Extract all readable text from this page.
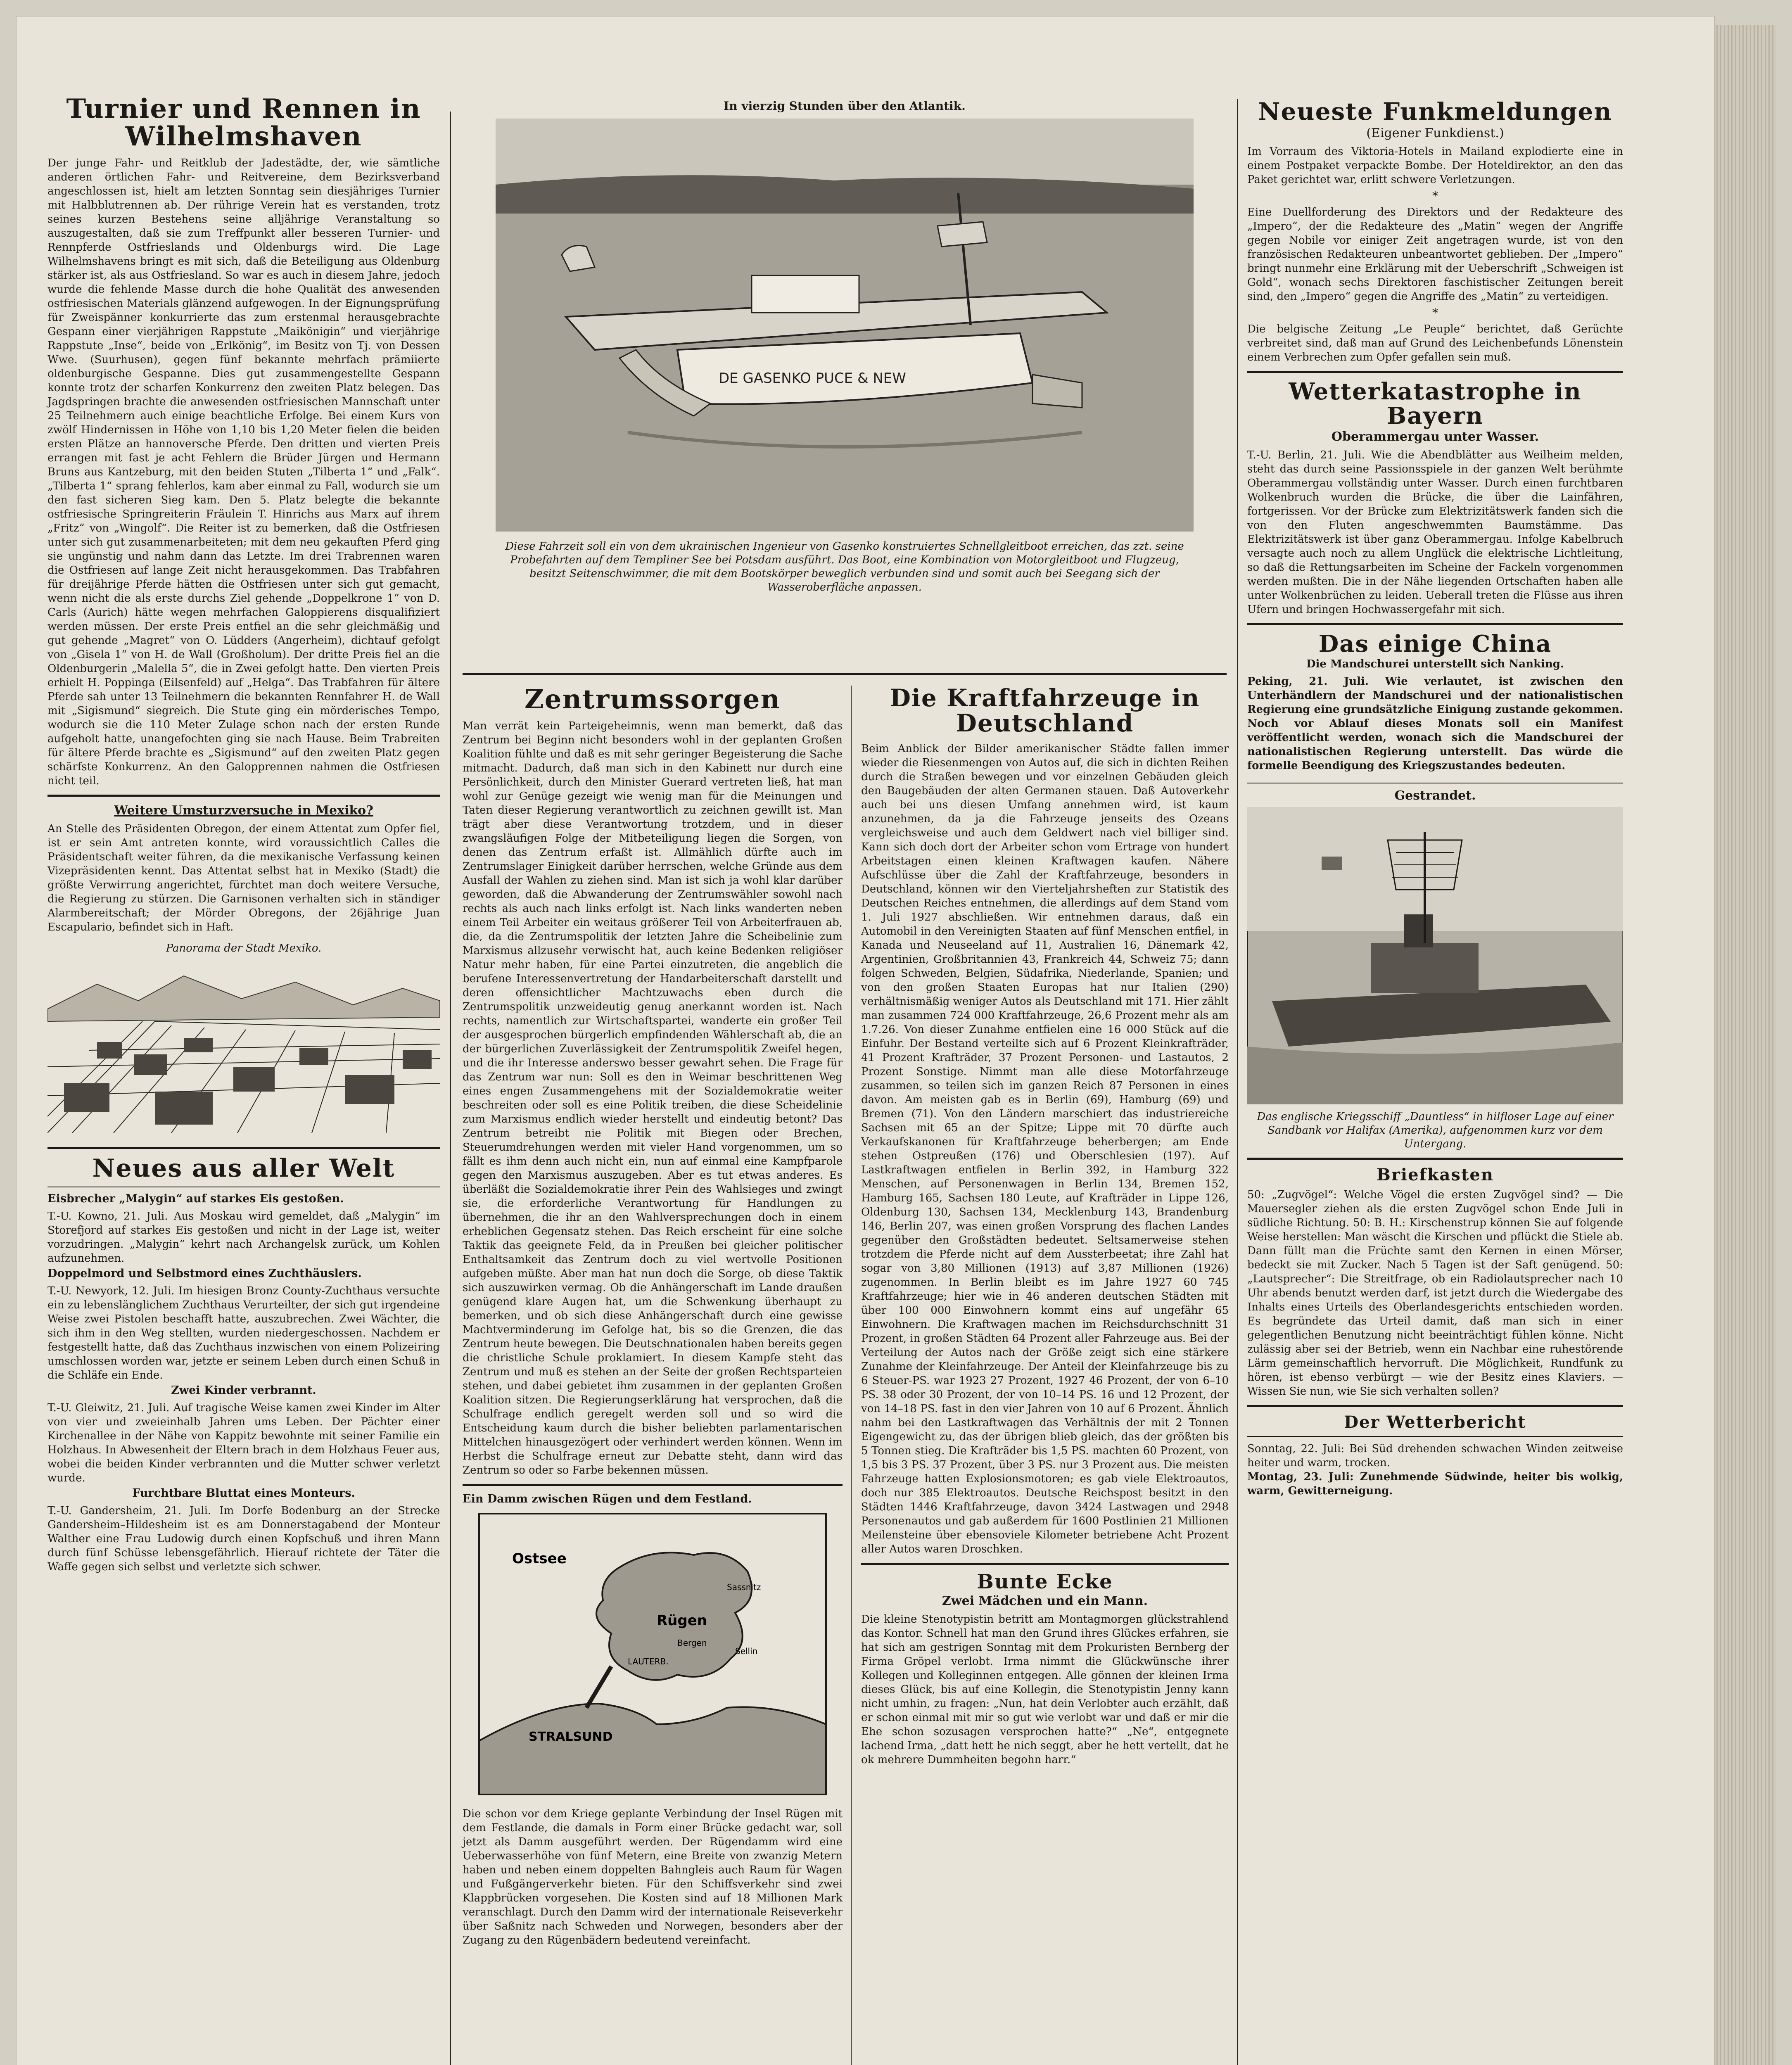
Turnier und Rennen in Wilhelmshaven
Der junge Fahr- und Reitklub der Jadestädte, der, wie sämtliche anderen örtlichen Fahr- und Reitvereine, dem Bezirksverband angeschlossen ist, hielt am letzten Sonntag sein diesjähriges Turnier mit Halbblutrennen ab. Der rührige Verein hat es verstanden, trotz seines kurzen Bestehens seine alljährige Veranstaltung so auszugestalten, daß sie zum Treffpunkt aller besseren Turnier- und Rennpferde Ostfrieslands und Oldenburgs wird. Die Lage Wilhelmshavens bringt es mit sich, daß die Beteiligung aus Oldenburg stärker ist, als aus Ostfriesland. So war es auch in diesem Jahre, jedoch wurde die fehlende Masse durch die hohe Qualität des anwesenden ostfriesischen Materials glänzend aufgewogen. In der Eignungsprüfung für Zweispänner konkurrierte das zum erstenmal herausgebrachte Gespann einer vierjährigen Rappstute „Maikönigin“ und vierjährige Rappstute „Inse“, beide von „Erlkönig“, im Besitz von Tj. von Dessen Wwe. (Suurhusen), gegen fünf bekannte mehrfach prämiierte oldenburgische Gespanne. Dies gut zusammengestellte Gespann konnte trotz der scharfen Konkurrenz den zweiten Platz belegen. Das Jagdspringen brachte die anwesenden ostfriesischen Mannschaft unter 25 Teilnehmern auch einige beachtliche Erfolge. Bei einem Kurs von zwölf Hindernissen in Höhe von 1,10 bis 1,20 Meter fielen die beiden ersten Plätze an hannoversche Pferde. Den dritten und vierten Preis errangen mit fast je acht Fehlern die Brüder Jürgen und Hermann Bruns aus Kantzeburg, mit den beiden Stuten „Tilberta 1“ und „Falk“. „Tilberta 1“ sprang fehlerlos, kam aber einmal zu Fall, wodurch sie um den fast sicheren Sieg kam. Den 5. Platz belegte die bekannte ostfriesische Springreiterin Fräulein T. Hinrichs aus Marx auf ihrem „Fritz“ von „Wingolf“. Die Reiter ist zu bemerken, daß die Ostfriesen unter sich gut zusammenarbeiteten; mit dem neu gekauften Pferd ging sie ungünstig und nahm dann das Letzte. Im drei Trabrennen waren die Ostfriesen auf lange Zeit nicht herausgekommen. Das Trabfahren für dreijährige Pferde hätten die Ostfriesen unter sich gut gemacht, wenn nicht die als erste durchs Ziel gehende „Doppelkrone 1“ von D. Carls (Aurich) hätte wegen mehrfachen Galoppierens disqualifiziert werden müssen. Der erste Preis entfiel an die sehr gleichmäßig und gut gehende „Magret“ von O. Lüdders (Angerheim), dichtauf gefolgt von „Gisela 1“ von H. de Wall (Großholum). Der dritte Preis fiel an die Oldenburgerin „Malella 5“, die in Zwei gefolgt hatte. Den vierten Preis erhielt H. Poppinga (Eilsenfeld) auf „Helga“. Das Trabfahren für ältere Pferde sah unter 13 Teilnehmern die bekannten Rennfahrer H. de Wall mit „Sigismund“ siegreich. Die Stute ging ein mörderisches Tempo, wodurch sie die 110 Meter Zulage schon nach der ersten Runde aufgeholt hatte, unangefochten ging sie nach Hause. Beim Trabreiten für ältere Pferde brachte es „Sigismund“ auf den zweiten Platz gegen schärfste Konkurrenz. An den Galopprennen nahmen die Ostfriesen nicht teil.
Weitere Umsturzversuche in Mexiko?
An Stelle des Präsidenten Obregon, der einem Attentat zum Opfer fiel, ist er sein Amt antreten konnte, wird voraussichtlich Calles die Präsidentschaft weiter führen, da die mexikanische Verfassung keinen Vizepräsidenten kennt. Das Attentat selbst hat in Mexiko (Stadt) die größte Verwirrung angerichtet, fürchtet man doch weitere Versuche, die Regierung zu stürzen. Die Garnisonen verhalten sich in ständiger Alarmbereitschaft; der Mörder Obregons, der 26jährige Juan Escapulario, befindet sich in Haft.
Panorama der Stadt Mexiko.
Neues aus aller Welt
Eisbrecher „Malygin“ auf starkes Eis gestoßen.
T.-U. Kowno, 21. Juli. Aus Moskau wird gemeldet, daß „Malygin“ im Storefjord auf starkes Eis gestoßen und nicht in der Lage ist, weiter vorzudringen. „Malygin“ kehrt nach Archangelsk zurück, um Kohlen aufzunehmen.
Doppelmord und Selbstmord eines Zuchthäuslers.
T.-U. Newyork, 12. Juli. Im hiesigen Bronz County-Zuchthaus versuchte ein zu lebenslänglichem Zuchthaus Verurteilter, der sich gut irgendeine Weise zwei Pistolen beschafft hatte, auszubrechen. Zwei Wächter, die sich ihm in den Weg stellten, wurden niedergeschossen. Nachdem er festgestellt hatte, daß das Zuchthaus inzwischen von einem Polizeiring umschlossen worden war, jetzte er seinem Leben durch einen Schuß in die Schläfe ein Ende.
Zwei Kinder verbrannt.
T.-U. Gleiwitz, 21. Juli. Auf tragische Weise kamen zwei Kinder im Alter von vier und zweieinhalb Jahren ums Leben. Der Pächter einer Kirchenallee in der Nähe von Kappitz bewohnte mit seiner Familie ein Holzhaus. In Abwesenheit der Eltern brach in dem Holzhaus Feuer aus, wobei die beiden Kinder verbrannten und die Mutter schwer verletzt wurde.
Furchtbare Bluttat eines Monteurs.
T.-U. Gandersheim, 21. Juli. Im Dorfe Bodenburg an der Strecke Gandersheim–Hildesheim ist es am Donnerstagabend der Monteur Walther eine Frau Ludowig durch einen Kopfschuß und ihren Mann durch fünf Schüsse lebensgefährlich. Hierauf richtete der Täter die Waffe gegen sich selbst und verletzte sich schwer.
In vierzig Stunden über den Atlantik.
DE GASENKO PUCE & NEW
Diese Fahrzeit soll ein von dem ukrainischen Ingenieur von Gasenko konstruiertes Schnellgleitboot erreichen, das zzt. seine Probefahrten auf dem Templiner See bei Potsdam ausführt. Das Boot, eine Kombination von Motorgleitboot und Flugzeug, besitzt Seitenschwimmer, die mit dem Bootskörper beweglich verbunden sind und somit auch bei Seegang sich der Wasseroberfläche anpassen.
Zentrumssorgen
Man verrät kein Parteigeheimnis, wenn man bemerkt, daß das Zentrum bei Beginn nicht besonders wohl in der geplanten Großen Koalition fühlte und daß es mit sehr geringer Begeisterung die Sache mitmacht. Dadurch, daß man sich in den Kabinett nur durch eine Persönlichkeit, durch den Minister Guerard vertreten ließ, hat man wohl zur Genüge gezeigt wie wenig man für die Meinungen und Taten dieser Regierung verantwortlich zu zeichnen gewillt ist. Man trägt aber diese Verantwortung trotzdem, und in dieser zwangsläufigen Folge der Mitbeteiligung liegen die Sorgen, von denen das Zentrum erfaßt ist. Allmählich dürfte auch im Zentrumslager Einigkeit darüber herrschen, welche Gründe aus dem Ausfall der Wahlen zu ziehen sind. Man ist sich ja wohl klar darüber geworden, daß die Abwanderung der Zentrumswähler sowohl nach rechts als auch nach links erfolgt ist. Nach links wanderten neben einem Teil Arbeiter ein weitaus größerer Teil von Arbeiterfrauen ab, die, da die Zentrumspolitik der letzten Jahre die Scheibelinie zum Marxismus allzusehr verwischt hat, auch keine Bedenken religiöser Natur mehr haben, für eine Partei einzutreten, die angeblich die berufene Interessenvertretung der Handarbeiterschaft darstellt und deren offensichtlicher Machtzuwachs eben durch die Zentrumspolitik unzweideutig genug anerkannt worden ist. Nach rechts, namentlich zur Wirtschaftspartei, wanderte ein großer Teil der ausgesprochen bürgerlich empfindenden Wählerschaft ab, die an der bürgerlichen Zuverlässigkeit der Zentrumspolitik Zweifel hegen, und die ihr Interesse anderswo besser gewahrt sehen. Die Frage für das Zentrum war nun: Soll es den in Weimar beschrittenen Weg eines engen Zusammengehens mit der Sozialdemokratie weiter beschreiten oder soll es eine Politik treiben, die diese Scheidelinie zum Marxismus endlich wieder herstellt und eindeutig betont? Das Zentrum betreibt nie Politik mit Biegen oder Brechen, Steuerumdrehungen werden mit vieler Hand vorgenommen, um so fällt es ihm denn auch nicht ein, nun auf einmal eine Kampfparole gegen den Marxismus auszugeben. Aber es tut etwas anderes. Es überläßt die Sozialdemokratie ihrer Pein des Wahlsieges und zwingt sie, die erforderliche Verantwortung für Handlungen zu übernehmen, die ihr an den Wahlversprechungen doch in einem erheblichen Gegensatz stehen. Das Reich erscheint für eine solche Taktik das geeignete Feld, da in Preußen bei gleicher politischer Enthaltsamkeit das Zentrum doch zu viel wertvolle Positionen aufgeben müßte. Aber man hat nun doch die Sorge, ob diese Taktik sich auszuwirken vermag. Ob die Anhängerschaft im Lande draußen genügend klare Augen hat, um die Schwenkung überhaupt zu bemerken, und ob sich diese Anhängerschaft durch eine gewisse Machtverminderung im Gefolge hat, bis so die Grenzen, die das Zentrum heute bewegen. Die Deutschnationalen haben bereits gegen die christliche Schule proklamiert. In diesem Kampfe steht das Zentrum und muß es stehen an der Seite der großen Rechtsparteien stehen, und dabei gebietet ihm zusammen in der geplanten Großen Koalition sitzen. Die Regierungserklärung hat versprochen, daß die Schulfrage endlich geregelt werden soll und so wird die Entscheidung kaum durch die bisher beliebten parlamentarischen Mittelchen hinausgezögert oder verhindert werden können. Wenn im Herbst die Schulfrage erneut zur Debatte steht, dann wird das Zentrum so oder so Farbe bekennen müssen.
Ein Damm zwischen Rügen und dem Festland.
Ostsee
Rügen
STRALSUND
Sassnitz
Bergen
Sellin
LAUTERB.
Die schon vor dem Kriege geplante Verbindung der Insel Rügen mit dem Festlande, die damals in Form einer Brücke gedacht war, soll jetzt als Damm ausgeführt werden. Der Rügendamm wird eine Ueberwasserhöhe von fünf Metern, eine Breite von zwanzig Metern haben und neben einem doppelten Bahngleis auch Raum für Wagen und Fußgängerverkehr bieten. Für den Schiffsverkehr sind zwei Klappbrücken vorgesehen. Die Kosten sind auf 18 Millionen Mark veranschlagt. Durch den Damm wird der internationale Reiseverkehr über Saßnitz nach Schweden und Norwegen, besonders aber der Zugang zu den Rügenbädern bedeutend vereinfacht.
Die Kraftfahrzeuge in Deutschland
Beim Anblick der Bilder amerikanischer Städte fallen immer wieder die Riesenmengen von Autos auf, die sich in dichten Reihen durch die Straßen bewegen und vor einzelnen Gebäuden gleich den Baugebäuden der alten Germanen stauen. Daß Autoverkehr auch bei uns diesen Umfang annehmen wird, ist kaum anzunehmen, da ja die Fahrzeuge jenseits des Ozeans vergleichsweise und auch dem Geldwert nach viel billiger sind. Kann sich doch dort der Arbeiter schon vom Ertrage von hundert Arbeitstagen einen kleinen Kraftwagen kaufen. Nähere Aufschlüsse über die Zahl der Kraftfahrzeuge, besonders in Deutschland, können wir den Vierteljahrsheften zur Statistik des Deutschen Reiches entnehmen, die allerdings auf dem Stand vom 1. Juli 1927 abschließen. Wir entnehmen daraus, daß ein Automobil in den Vereinigten Staaten auf fünf Menschen entfiel, in Kanada und Neuseeland auf 11, Australien 16, Dänemark 42, Argentinien, Großbritannien 43, Frankreich 44, Schweiz 75; dann folgen Schweden, Belgien, Südafrika, Niederlande, Spanien; und von den großen Staaten Europas hat nur Italien (290) verhältnismäßig weniger Autos als Deutschland mit 171. Hier zählt man zusammen 724 000 Kraftfahrzeuge, 26,6 Prozent mehr als am 1.7.26. Von dieser Zunahme entfielen eine 16 000 Stück auf die Einfuhr. Der Bestand verteilte sich auf 6 Prozent Kleinkrafträder, 41 Prozent Krafträder, 37 Prozent Personen- und Lastautos, 2 Prozent Sonstige. Nimmt man alle diese Motorfahrzeuge zusammen, so teilen sich im ganzen Reich 87 Personen in eines davon. Am meisten gab es in Berlin (69), Hamburg (69) und Bremen (71). Von den Ländern marschiert das industriereiche Sachsen mit 65 an der Spitze; Lippe mit 70 dürfte auch Verkaufskanonen für Kraftfahrzeuge beherbergen; am Ende stehen Ostpreußen (176) und Oberschlesien (197). Auf Lastkraftwagen entfielen in Berlin 392, in Hamburg 322 Menschen, auf Personenwagen in Berlin 134, Bremen 152, Hamburg 165, Sachsen 180 Leute, auf Krafträder in Lippe 126, Oldenburg 130, Sachsen 134, Mecklenburg 143, Brandenburg 146, Berlin 207, was einen großen Vorsprung des flachen Landes gegenüber den Großstädten bedeutet. Seltsamerweise stehen trotzdem die Pferde nicht auf dem Aussterbeetat; ihre Zahl hat sogar von 3,80 Millionen (1913) auf 3,87 Millionen (1926) zugenommen. In Berlin bleibt es im Jahre 1927 60 745 Kraftfahrzeuge; hier wie in 46 anderen deutschen Städten mit über 100 000 Einwohnern kommt eins auf ungefähr 65 Einwohnern. Die Kraftwagen machen im Reichsdurchschnitt 31 Prozent, in großen Städten 64 Prozent aller Fahrzeuge aus. Bei der Verteilung der Autos nach der Größe zeigt sich eine stärkere Zunahme der Kleinfahrzeuge. Der Anteil der Kleinfahrzeuge bis zu 6 Steuer-PS. war 1923 27 Prozent, 1927 46 Prozent, der von 6–10 PS. 38 oder 30 Prozent, der von 10–14 PS. 16 und 12 Prozent, der von 14–18 PS. fast in den vier Jahren von 10 auf 6 Prozent. Ähnlich nahm bei den Lastkraftwagen das Verhältnis der mit 2 Tonnen Eigengewicht zu, das der übrigen blieb gleich, das der größten bis 5 Tonnen stieg. Die Krafträder bis 1,5 PS. machten 60 Prozent, von 1,5 bis 3 PS. 37 Prozent, über 3 PS. nur 3 Prozent aus. Die meisten Fahrzeuge hatten Explosionsmotoren; es gab viele Elektroautos, doch nur 385 Elektroautos. Deutsche Reichspost besitzt in den Städten 1446 Kraftfahrzeuge, davon 3424 Lastwagen und 2948 Personenautos und gab außerdem für 1600 Postlinien 21 Millionen Meilensteine über ebensoviele Kilometer betriebene Acht Prozent aller Autos waren Droschken.
Bunte Ecke
Zwei Mädchen und ein Mann.
Die kleine Stenotypistin betritt am Montagmorgen glückstrahlend das Kontor. Schnell hat man den Grund ihres Glückes erfahren, sie hat sich am gestrigen Sonntag mit dem Prokuristen Bernberg der Firma Gröpel verlobt. Irma nimmt die Glückwünsche ihrer Kollegen und Kolleginnen entgegen. Alle gönnen der kleinen Irma dieses Glück, bis auf eine Kollegin, die Stenotypistin Jenny kann nicht umhin, zu fragen: „Nun, hat dein Verlobter auch erzählt, daß er schon einmal mit mir so gut wie verlobt war und daß er mir die Ehe schon sozusagen versprochen hatte?“ „Ne“, entgegnete lachend Irma, „datt hett he nich seggt, aber he hett vertellt, dat he ok mehrere Dummheiten begohn harr.“
Neueste Funkmeldungen
(Eigener Funkdienst.)
Im Vorraum des Viktoria-Hotels in Mailand explodierte eine in einem Postpaket verpackte Bombe. Der Hoteldirektor, an den das Paket gerichtet war, erlitt schwere Verletzungen.
*
Eine Duellforderung des Direktors und der Redakteure des „Impero“, der die Redakteure des „Matin“ wegen der Angriffe gegen Nobile vor einiger Zeit angetragen wurde, ist von den französischen Redakteuren unbeantwortet geblieben. Der „Impero“ bringt nunmehr eine Erklärung mit der Ueberschrift „Schweigen ist Gold“, wonach sechs Direktoren faschistischer Zeitungen bereit sind, den „Impero“ gegen die Angriffe des „Matin“ zu verteidigen.
*
Die belgische Zeitung „Le Peuple“ berichtet, daß Gerüchte verbreitet sind, daß man auf Grund des Leichenbefunds Lönenstein einem Verbrechen zum Opfer gefallen sein muß.
Wetterkatastrophe in Bayern
Oberammergau unter Wasser.
T.-U. Berlin, 21. Juli. Wie die Abendblätter aus Weilheim melden, steht das durch seine Passionsspiele in der ganzen Welt berühmte Oberammergau vollständig unter Wasser. Durch einen furchtbaren Wolkenbruch wurden die Brücke, die über die Lainfähren, fortgerissen. Vor der Brücke zum Elektrizitätswerk fanden sich die von den Fluten angeschwemmten Baumstämme. Das Elektrizitätswerk ist über ganz Oberammergau. Infolge Kabelbruch versagte auch noch zu allem Unglück die elektrische Lichtleitung, so daß die Rettungsarbeiten im Scheine der Fackeln vorgenommen werden mußten. Die in der Nähe liegenden Ortschaften haben alle unter Wolkenbrüchen zu leiden. Ueberall treten die Flüsse aus ihren Ufern und bringen Hochwassergefahr mit sich.
Das einige China
Die Mandschurei unterstellt sich Nanking.
Peking, 21. Juli. Wie verlautet, ist zwischen den Unterhändlern der Mandschurei und der nationalistischen Regierung eine grundsätzliche Einigung zustande gekommen. Noch vor Ablauf dieses Monats soll ein Manifest veröffentlicht werden, wonach sich die Mandschurei der nationalistischen Regierung unterstellt. Das würde die formelle Beendigung des Kriegszustandes bedeuten.
Gestrandet.
Das englische Kriegsschiff „Dauntless“ in hilfloser Lage auf einer Sandbank vor Halifax (Amerika), aufgenommen kurz vor dem Untergang.
Briefkasten
50: „Zugvögel“: Welche Vögel die ersten Zugvögel sind? — Die Mauersegler ziehen als die ersten Zugvögel schon Ende Juli in südliche Richtung. 50: B. H.: Kirschenstrup können Sie auf folgende Weise herstellen: Man wäscht die Kirschen und pflückt die Stiele ab. Dann füllt man die Früchte samt den Kernen in einen Mörser, bedeckt sie mit Zucker. Nach 5 Tagen ist der Saft genügend. 50: „Lautsprecher“: Die Streitfrage, ob ein Radiolautsprecher nach 10 Uhr abends benutzt werden darf, ist jetzt durch die Wiedergabe des Inhalts eines Urteils des Oberlandesgerichts entschieden worden. Es begründete das Urteil damit, daß man sich in einer gelegentlichen Benutzung nicht beeinträchtigt fühlen könne. Nicht zulässig aber sei der Betrieb, wenn ein Nachbar eine ruhestörende Lärm gemeinschaftlich hervorruft. Die Möglichkeit, Rundfunk zu hören, ist ebenso verbürgt — wie der Besitz eines Klaviers. — Wissen Sie nun, wie Sie sich verhalten sollen?
Der Wetterbericht
Sonntag, 22. Juli: Bei Süd drehenden schwachen Winden zeitweise heiter und warm, trocken.
Montag, 23. Juli: Zunehmende Südwinde, heiter bis wolkig, warm, Gewitterneigung.
